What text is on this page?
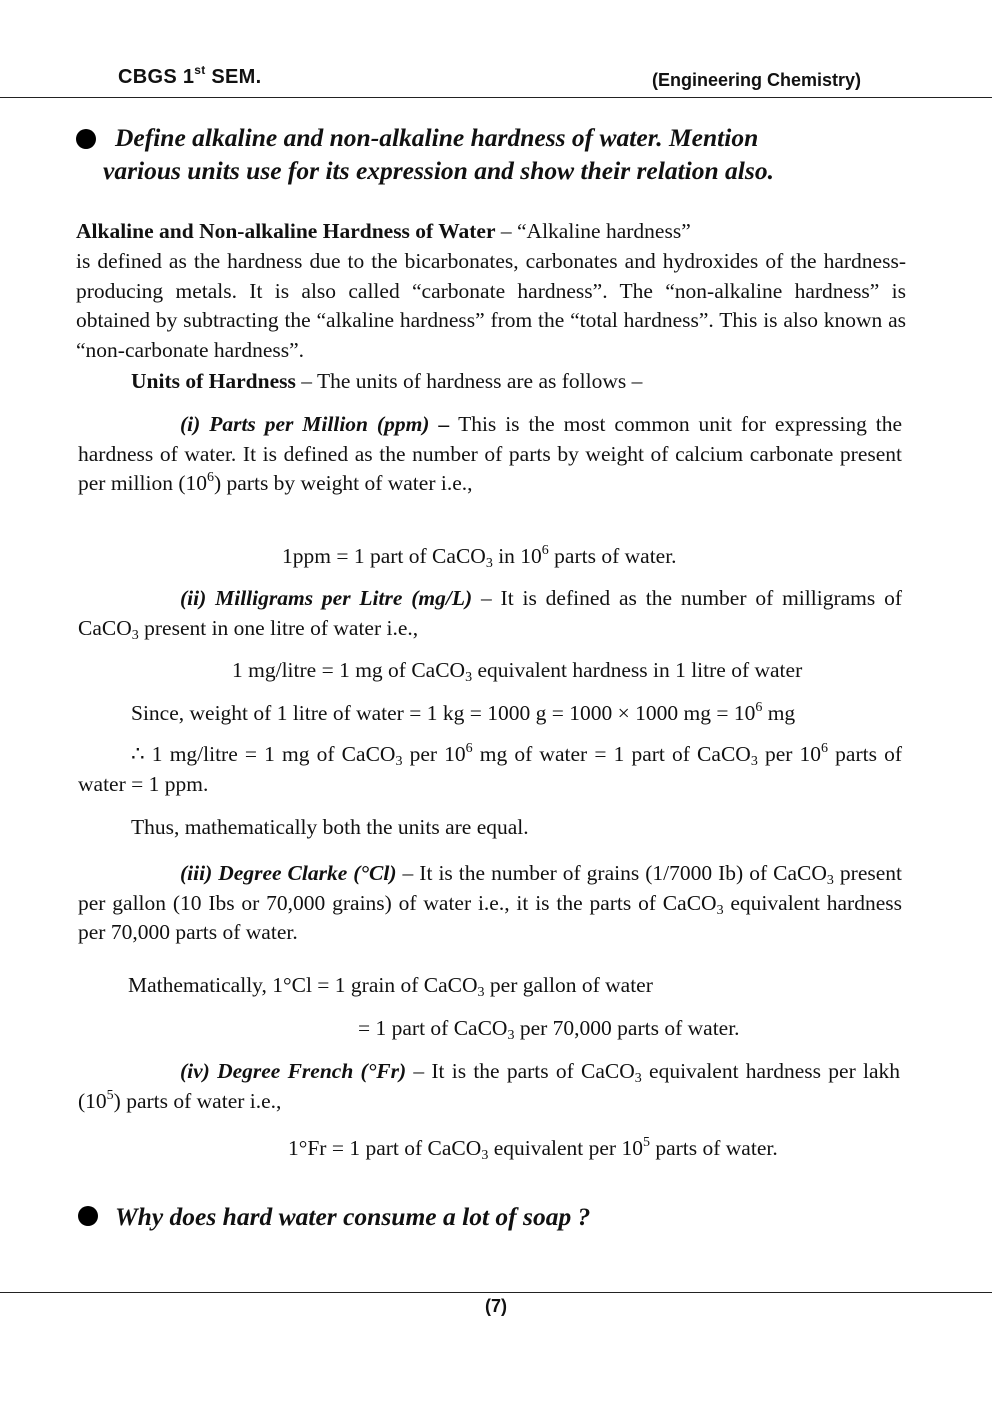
CBGS 1st SEM.	(Engineering Chemistry)
Define alkaline and non-alkaline hardness of water. Mention
various units use for its expression and show their relation also.
Alkaline and Non-alkaline Hardness of Water – “Alkaline hardness”
is defined as the hardness due to the bicarbonates, carbonates and hydroxides of the hardness-producing metals. It is also called “carbonate hardness”. The “non-alkaline hardness” is obtained by subtracting the “alkaline hardness” from the “total hardness”. This is also known as “non-carbonate hardness”.
Units of Hardness – The units of hardness are as follows –
(i) Parts per Million (ppm) – This is the most common unit for expressing the hardness of water. It is defined as the number of parts by weight of calcium carbonate present per million $(10^6)$ parts by weight of water i.e.,
1ppm = 1 part of CaCO$_3$ in $10^6$ parts of water.
(ii) Milligrams per Litre (mg/L) – It is defined as the number of milligrams of CaCO$_3$ present in one litre of water i.e.,
1 mg/litre = 1 mg of CaCO$_3$ equivalent hardness in 1 litre of water
Since, weight of 1 litre of water = 1 kg = 1000 g = 1000 × 1000 mg = $10^6$ mg
∴ 1 mg/litre = 1 mg of CaCO$_3$ per $10^6$ mg of water = 1 part of CaCO$_3$ per $10^6$ parts of water = 1 ppm.
Thus, mathematically both the units are equal.
(iii) Degree Clarke (°Cl) – It is the number of grains (1/7000 Ib) of CaCO$_3$ present per gallon (10 Ibs or 70,000 grains) of water i.e., it is the parts of CaCO$_3$ equivalent hardness per 70,000 parts of water.
Mathematically, 1°Cl = 1 grain of CaCO$_3$ per gallon of water
= 1 part of CaCO$_3$ per 70,000 parts of water.
(iv) Degree French (°Fr) – It is the parts of CaCO$_3$ equivalent hardness per lakh $(10^5)$ parts of water i.e.,
1°Fr = 1 part of CaCO$_3$ equivalent per $10^5$ parts of water.
Why does hard water consume a lot of soap ?
(7)
